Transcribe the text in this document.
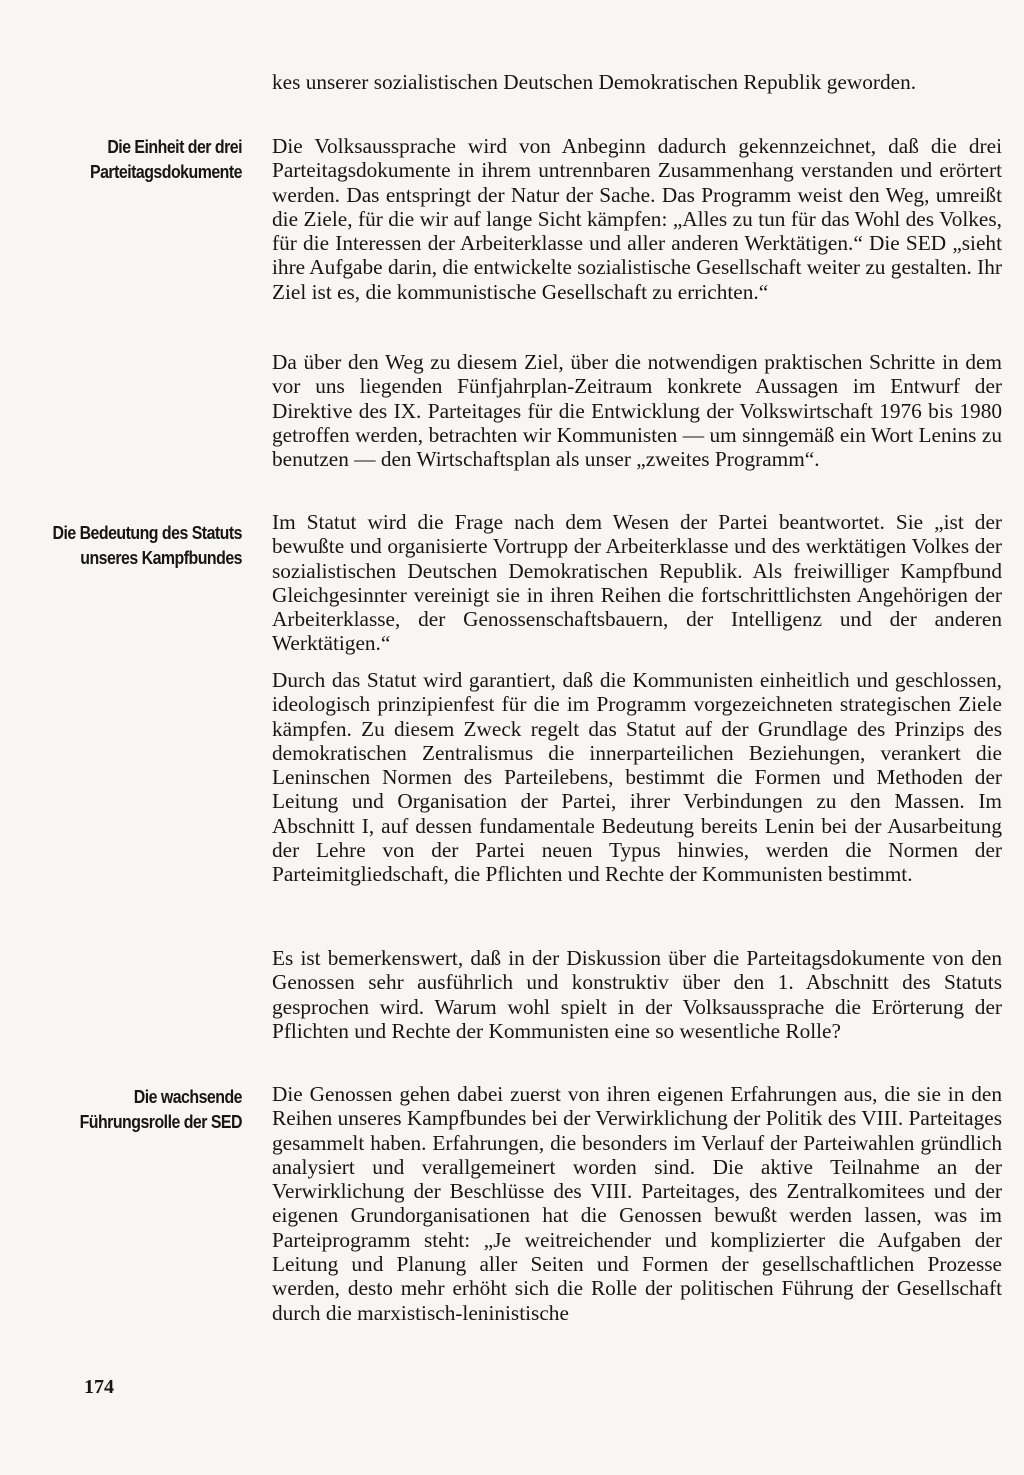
Die Einheit der drei Parteitagsdokumente
Die Bedeutung des Statuts unseres Kampfbundes
Die wachsende Führungsrolle der SED

kes unserer sozialistischen Deutschen Demokratischen Republik geworden.

Die Volksaussprache wird von Anbeginn dadurch gekennzeichnet, daß die drei Parteitagsdokumente in ihrem untrennbaren Zusammenhang verstanden und erörtert werden. Das entspringt der Natur der Sache. Das Programm weist den Weg, umreißt die Ziele, für die wir auf lange Sicht kämpfen: „Alles zu tun für das Wohl des Volkes, für die Interessen der Arbeiterklasse und aller anderen Werktätigen.“ Die SED „sieht ihre Aufgabe darin, die entwickelte sozialistische Gesellschaft weiter zu gestalten. Ihr Ziel ist es, die kommunistische Gesellschaft zu errichten.“

Da über den Weg zu diesem Ziel, über die notwendigen praktischen Schritte in dem vor uns liegenden Fünfjahrplan-Zeitraum konkrete Aussagen im Entwurf der Direktive des IX. Parteitages für die Entwicklung der Volkswirtschaft 1976 bis 1980 getroffen werden, betrachten wir Kommunisten — um sinngemäß ein Wort Lenins zu benutzen — den Wirtschaftsplan als unser „zweites Programm“.

Im Statut wird die Frage nach dem Wesen der Partei beantwortet. Sie „ist der bewußte und organisierte Vortrupp der Arbeiterklasse und des werktätigen Volkes der sozialistischen Deutschen Demokratischen Republik. Als freiwilliger Kampfbund Gleichgesinnter vereinigt sie in ihren Reihen die fortschrittlichsten Angehörigen der Arbeiterklasse, der Genossenschaftsbauern, der Intelligenz und der anderen Werktätigen.“

Durch das Statut wird garantiert, daß die Kommunisten einheitlich und geschlossen, ideologisch prinzipienfest für die im Programm vorgezeichneten strategischen Ziele kämpfen. Zu diesem Zweck regelt das Statut auf der Grundlage des Prinzips des demokratischen Zentralismus die innerparteilichen Beziehungen, verankert die Leninschen Normen des Parteilebens, bestimmt die Formen und Methoden der Leitung und Organisation der Partei, ihrer Verbindungen zu den Massen. Im Abschnitt I, auf dessen fundamentale Bedeutung bereits Lenin bei der Ausarbeitung der Lehre von der Partei neuen Typus hinwies, werden die Normen der Parteimitgliedschaft, die Pflichten und Rechte der Kommunisten bestimmt.

Es ist bemerkenswert, daß in der Diskussion über die Parteitagsdokumente von den Genossen sehr ausführlich und konstruktiv über den 1. Abschnitt des Statuts gesprochen wird. Warum wohl spielt in der Volksaussprache die Erörterung der Pflichten und Rechte der Kommunisten eine so wesentliche Rolle?

Die Genossen gehen dabei zuerst von ihren eigenen Erfahrungen aus, die sie in den Reihen unseres Kampfbundes bei der Verwirklichung der Politik des VIII. Parteitages gesammelt haben. Erfahrungen, die besonders im Verlauf der Parteiwahlen gründlich analysiert und verallgemeinert worden sind. Die aktive Teilnahme an der Verwirklichung der Beschlüsse des VIII. Parteitages, des Zentralkomitees und der eigenen Grundorganisationen hat die Genossen bewußt werden lassen, was im Parteiprogramm steht: „Je weitreichender und komplizierter die Aufgaben der Leitung und Planung aller Seiten und Formen der gesellschaftlichen Prozesse werden, desto mehr erhöht sich die Rolle der politischen Führung der Gesellschaft durch die marxistisch-leninistische

174
